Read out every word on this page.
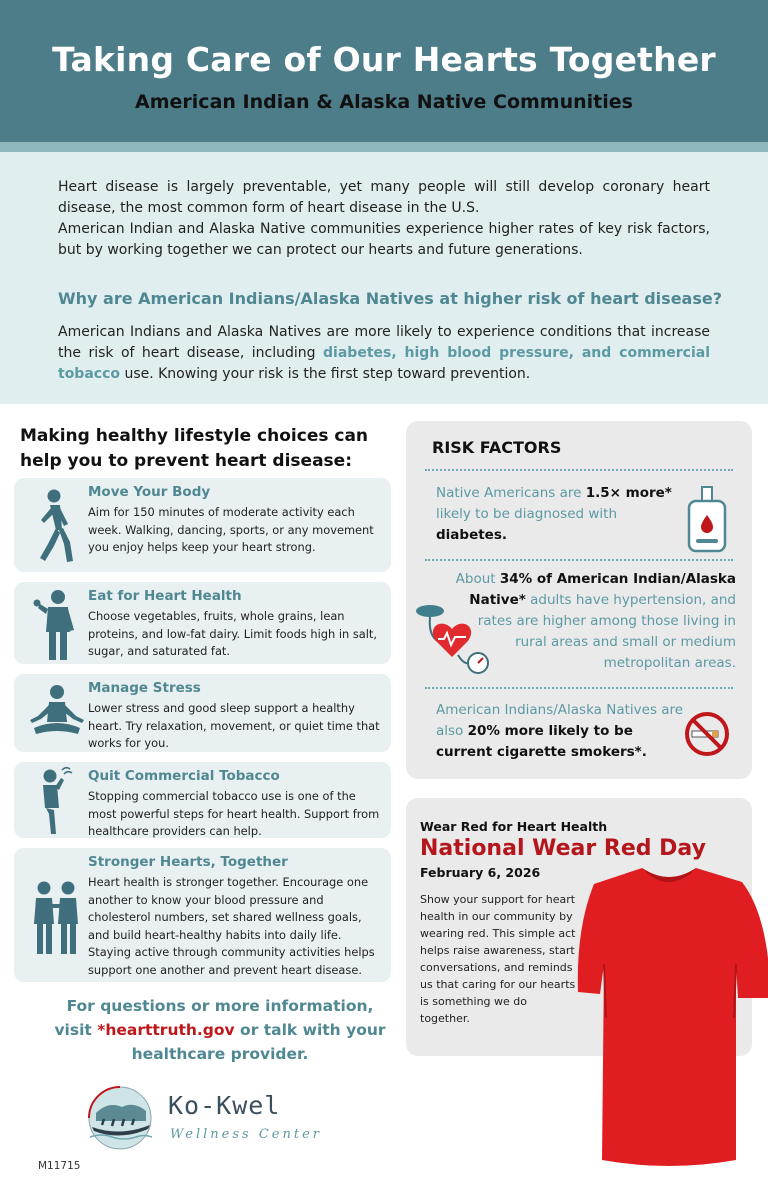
Taking Care of Our Hearts Together
American Indian & Alaska Native Communities

Heart disease is largely preventable, yet many people will still develop coronary heart disease, the most common form of heart disease in the U.S.
American Indian and Alaska Native communities experience higher rates of key risk factors, but by working together we can protect our hearts and future generations.

Why are American Indians/Alaska Natives at higher risk of heart disease?

American Indians and Alaska Natives are more likely to experience conditions that increase the risk of heart disease, including diabetes, high blood pressure, and commercial tobacco use. Knowing your risk is the first step toward prevention.

Making healthy lifestyle choices can help you to prevent heart disease:
Move Your Body
Aim for 150 minutes of moderate activity each week. Walking, dancing, sports, or any movement you enjoy helps keep your heart strong.
Eat for Heart Health
Choose vegetables, fruits, whole grains, lean proteins, and low-fat dairy. Limit foods high in salt, sugar, and saturated fat.
Manage Stress
Lower stress and good sleep support a healthy heart. Try relaxation, movement, or quiet time that works for you.
Quit Commercial Tobacco
Stopping commercial tobacco use is one of the most powerful steps for heart health. Support from healthcare providers can help.
Stronger Hearts, Together
Heart health is stronger together. Encourage one another to know your blood pressure and cholesterol numbers, set shared wellness goals, and build heart-healthy habits into daily life. Staying active through community activities helps support one another and prevent heart disease.
For questions or more information,
visit *hearttruth.gov or talk with your
healthcare provider.
Ko-Kwel
Wellness Center
M11715
RISK FACTORS
Native Americans are 1.5× more* likely to be diagnosed with diabetes.
About 34% of American Indian/Alaska Native* adults have hypertension, and rates are higher among those living in rural areas and small or medium metropolitan areas.
American Indians/Alaska Natives are also 20% more likely to be current cigarette smokers*.
Wear Red for Heart Health
National Wear Red Day
February 6, 2026
Show your support for heart health in our community by wearing red. This simple act helps raise awareness, start conversations, and reminds us that caring for our hearts is something we do together.
